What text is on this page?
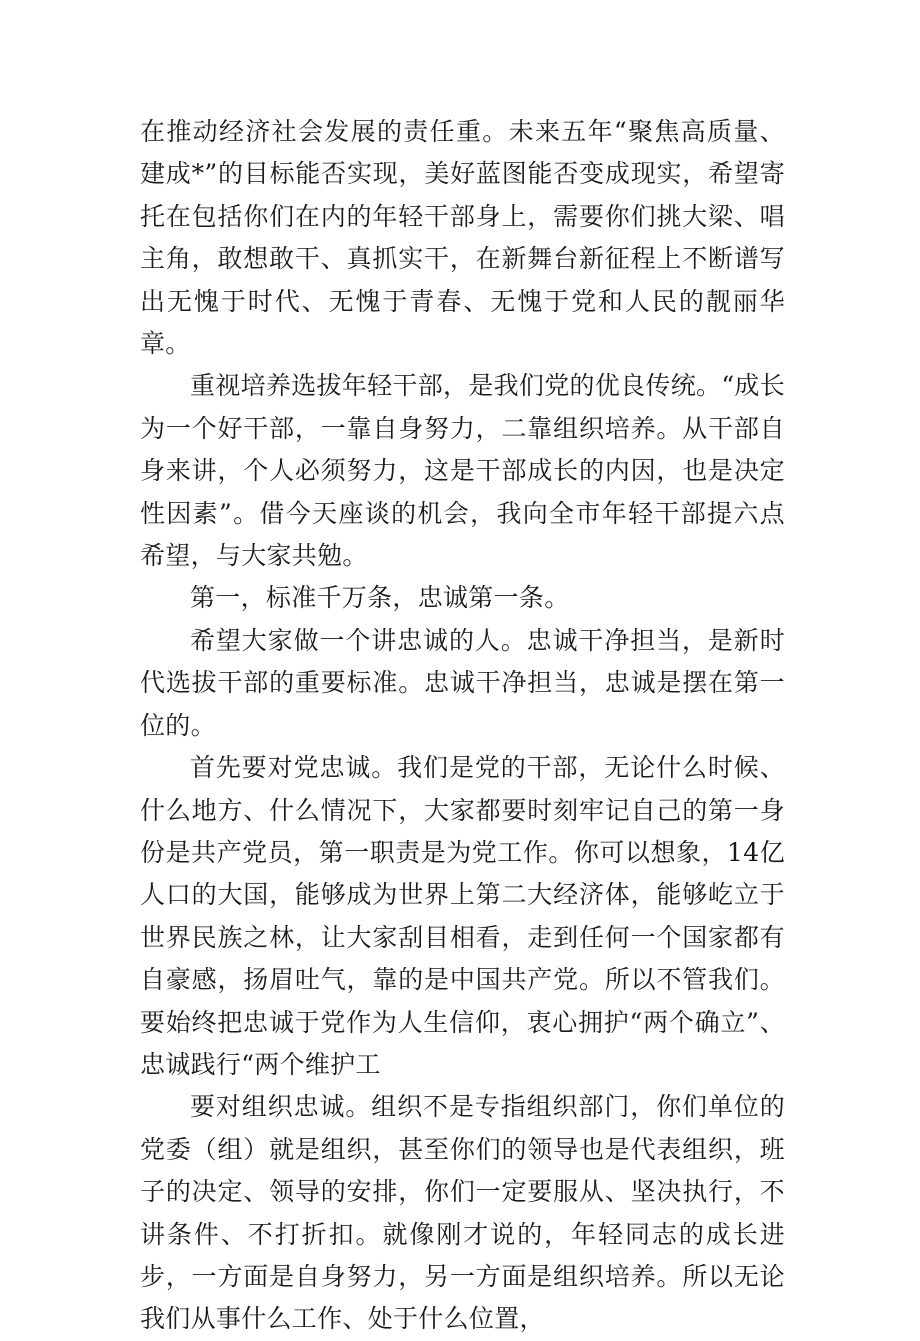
在推动经济社会发展的责任重。未来五年“聚焦高质量、建成*”的目标能否实现，美好蓝图能否变成现实，希望寄托在包括你们在内的年轻干部身上，需要你们挑大梁、唱主角，敢想敢干、真抓实干，在新舞台新征程上不断谱写出无愧于时代、无愧于青春、无愧于党和人民的靓丽华章。

重视培养选拔年轻干部，是我们党的优良传统。“成长为一个好干部，一靠自身努力，二靠组织培养。从干部自身来讲，个人必须努力，这是干部成长的内因，也是决定性因素”。借今天座谈的机会，我向全市年轻干部提六点希望，与大家共勉。

第一，标准千万条，忠诚第一条。

希望大家做一个讲忠诚的人。忠诚干净担当，是新时代选拔干部的重要标准。忠诚干净担当，忠诚是摆在第一位的。

首先要对党忠诚。我们是党的干部，无论什么时候、什么地方、什么情况下，大家都要时刻牢记自己的第一身份是共产党员，第一职责是为党工作。你可以想象，14亿人口的大国，能够成为世界上第二大经济体，能够屹立于世界民族之林，让大家刮目相看，走到任何一个国家都有自豪感，扬眉吐气，靠的是中国共产党。所以不管我们。要始终把忠诚于党作为人生信仰，衷心拥护“两个确立”、忠诚践行“两个维护工

要对组织忠诚。组织不是专指组织部门，你们单位的党委（组）就是组织，甚至你们的领导也是代表组织，班子的决定、领导的安排，你们一定要服从、坚决执行，不讲条件、不打折扣。就像刚才说的，年轻同志的成长进步，一方面是自身努力，另一方面是组织培养。所以无论我们从事什么工作、处于什么位置，
